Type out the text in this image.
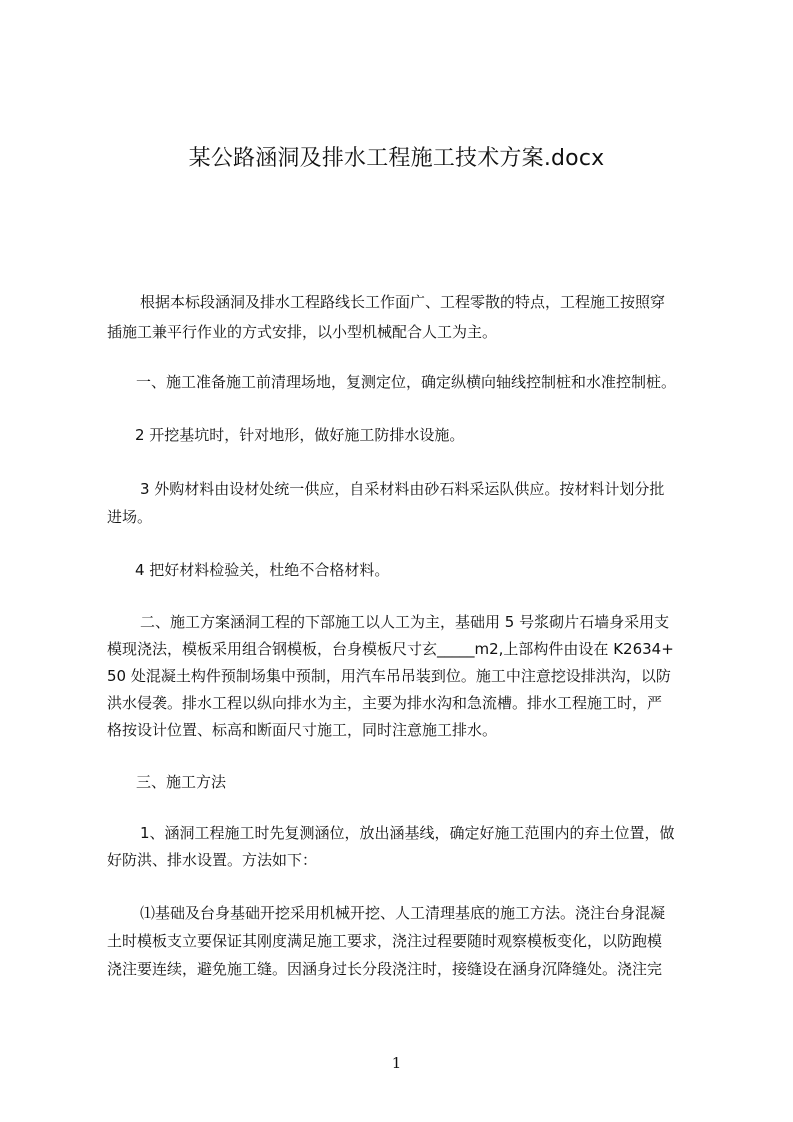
某公路涵洞及排水工程施工技术方案.docx
根据本标段涵洞及排水工程路线长工作面广、工程零散的特点，工程施工按照穿
插施工兼平行作业的方式安排，以小型机械配合人工为主。
一、施工准备施工前清理场地，复测定位，确定纵横向轴线控制桩和水准控制桩。
2 开挖基坑时，针对地形，做好施工防排水设施。
3 外购材料由设材处统一供应，自采材料由砂石料采运队供应。按材料计划分批
进场。
4 把好材料检验关，杜绝不合格材料。
二、施工方案涵洞工程的下部施工以人工为主，基础用 5 号浆砌片石墙身采用支
模现浇法，模板采用组合钢模板，台身模板尺寸玄_____m2,上部构件由设在 K2634+
50 处混凝土构件预制场集中预制，用汽车吊吊装到位。施工中注意挖设排洪沟，以防
洪水侵袭。排水工程以纵向排水为主，主要为排水沟和急流槽。排水工程施工时，严
格按设计位置、标高和断面尺寸施工，同时注意施工排水。
三、施工方法
1、涵洞工程施工时先复测涵位，放出涵基线，确定好施工范围内的弃土位置，做
好防洪、排水设置。方法如下：
⑴基础及台身基础开挖采用机械开挖、人工清理基底的施工方法。浇注台身混凝
土时模板支立要保证其刚度满足施工要求，浇注过程要随时观察模板变化，以防跑模
浇注要连续，避免施工缝。因涵身过长分段浇注时，接缝设在涵身沉降缝处。浇注完
1
